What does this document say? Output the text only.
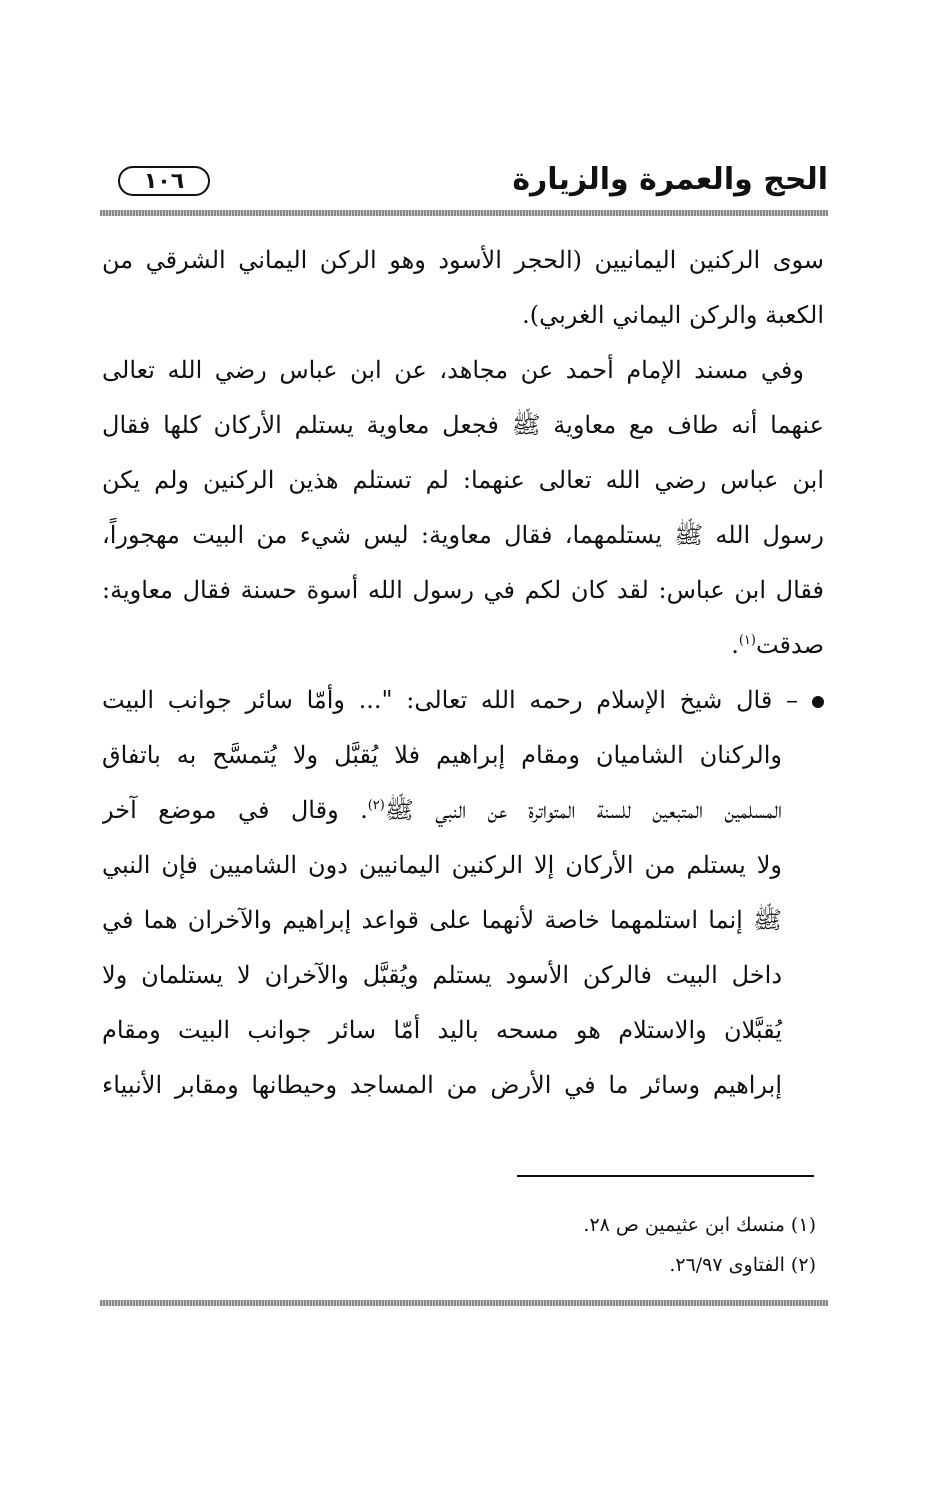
الحج والعمرة والزيارة
١٠٦
سوى الركنين اليمانيين (الحجر الأسود وهو الركن اليماني الشرقي من
الكعبة والركن اليماني الغربي).
وفي مسند الإمام أحمد عن مجاهد، عن ابن عباس رضي الله تعالى
عنهما أنه طاف مع معاوية ﷺ فجعل معاوية يستلم الأركان كلها فقال
ابن عباس رضي الله تعالى عنهما: لم تستلم هذين الركنين ولم يكن
رسول الله ﷺ يستلمهما، فقال معاوية: ليس شيء من البيت مهجوراً،
فقال ابن عباس: لقد كان لكم في رسول الله أسوة حسنة فقال معاوية:
صدقت$^{(١)}$.
– قال شيخ الإسلام رحمه الله تعالى: "... وأمّا سائر جوانب البيت
والركنان الشاميان ومقام إبراهيم فلا يُقبَّل ولا يُتمسَّح به باتفاق
المسلمين المتبعين للسنة المتواترة عن النبي ﷺ$^{(٢)}$. وقال في موضع آخر
ولا يستلم من الأركان إلا الركنين اليمانيين دون الشاميين فإن النبي
ﷺ إنما استلمهما خاصة لأنهما على قواعد إبراهيم والآخران هما في
داخل البيت فالركن الأسود يستلم ويُقبَّل والآخران لا يستلمان ولا
يُقبَّلان والاستلام هو مسحه باليد أمّا سائر جوانب البيت ومقام
إبراهيم وسائر ما في الأرض من المساجد وحيطانها ومقابر الأنبياء
(١) منسك ابن عثيمين ص ٢٨.
(٢) الفتاوى ٢٦/٩٧.
